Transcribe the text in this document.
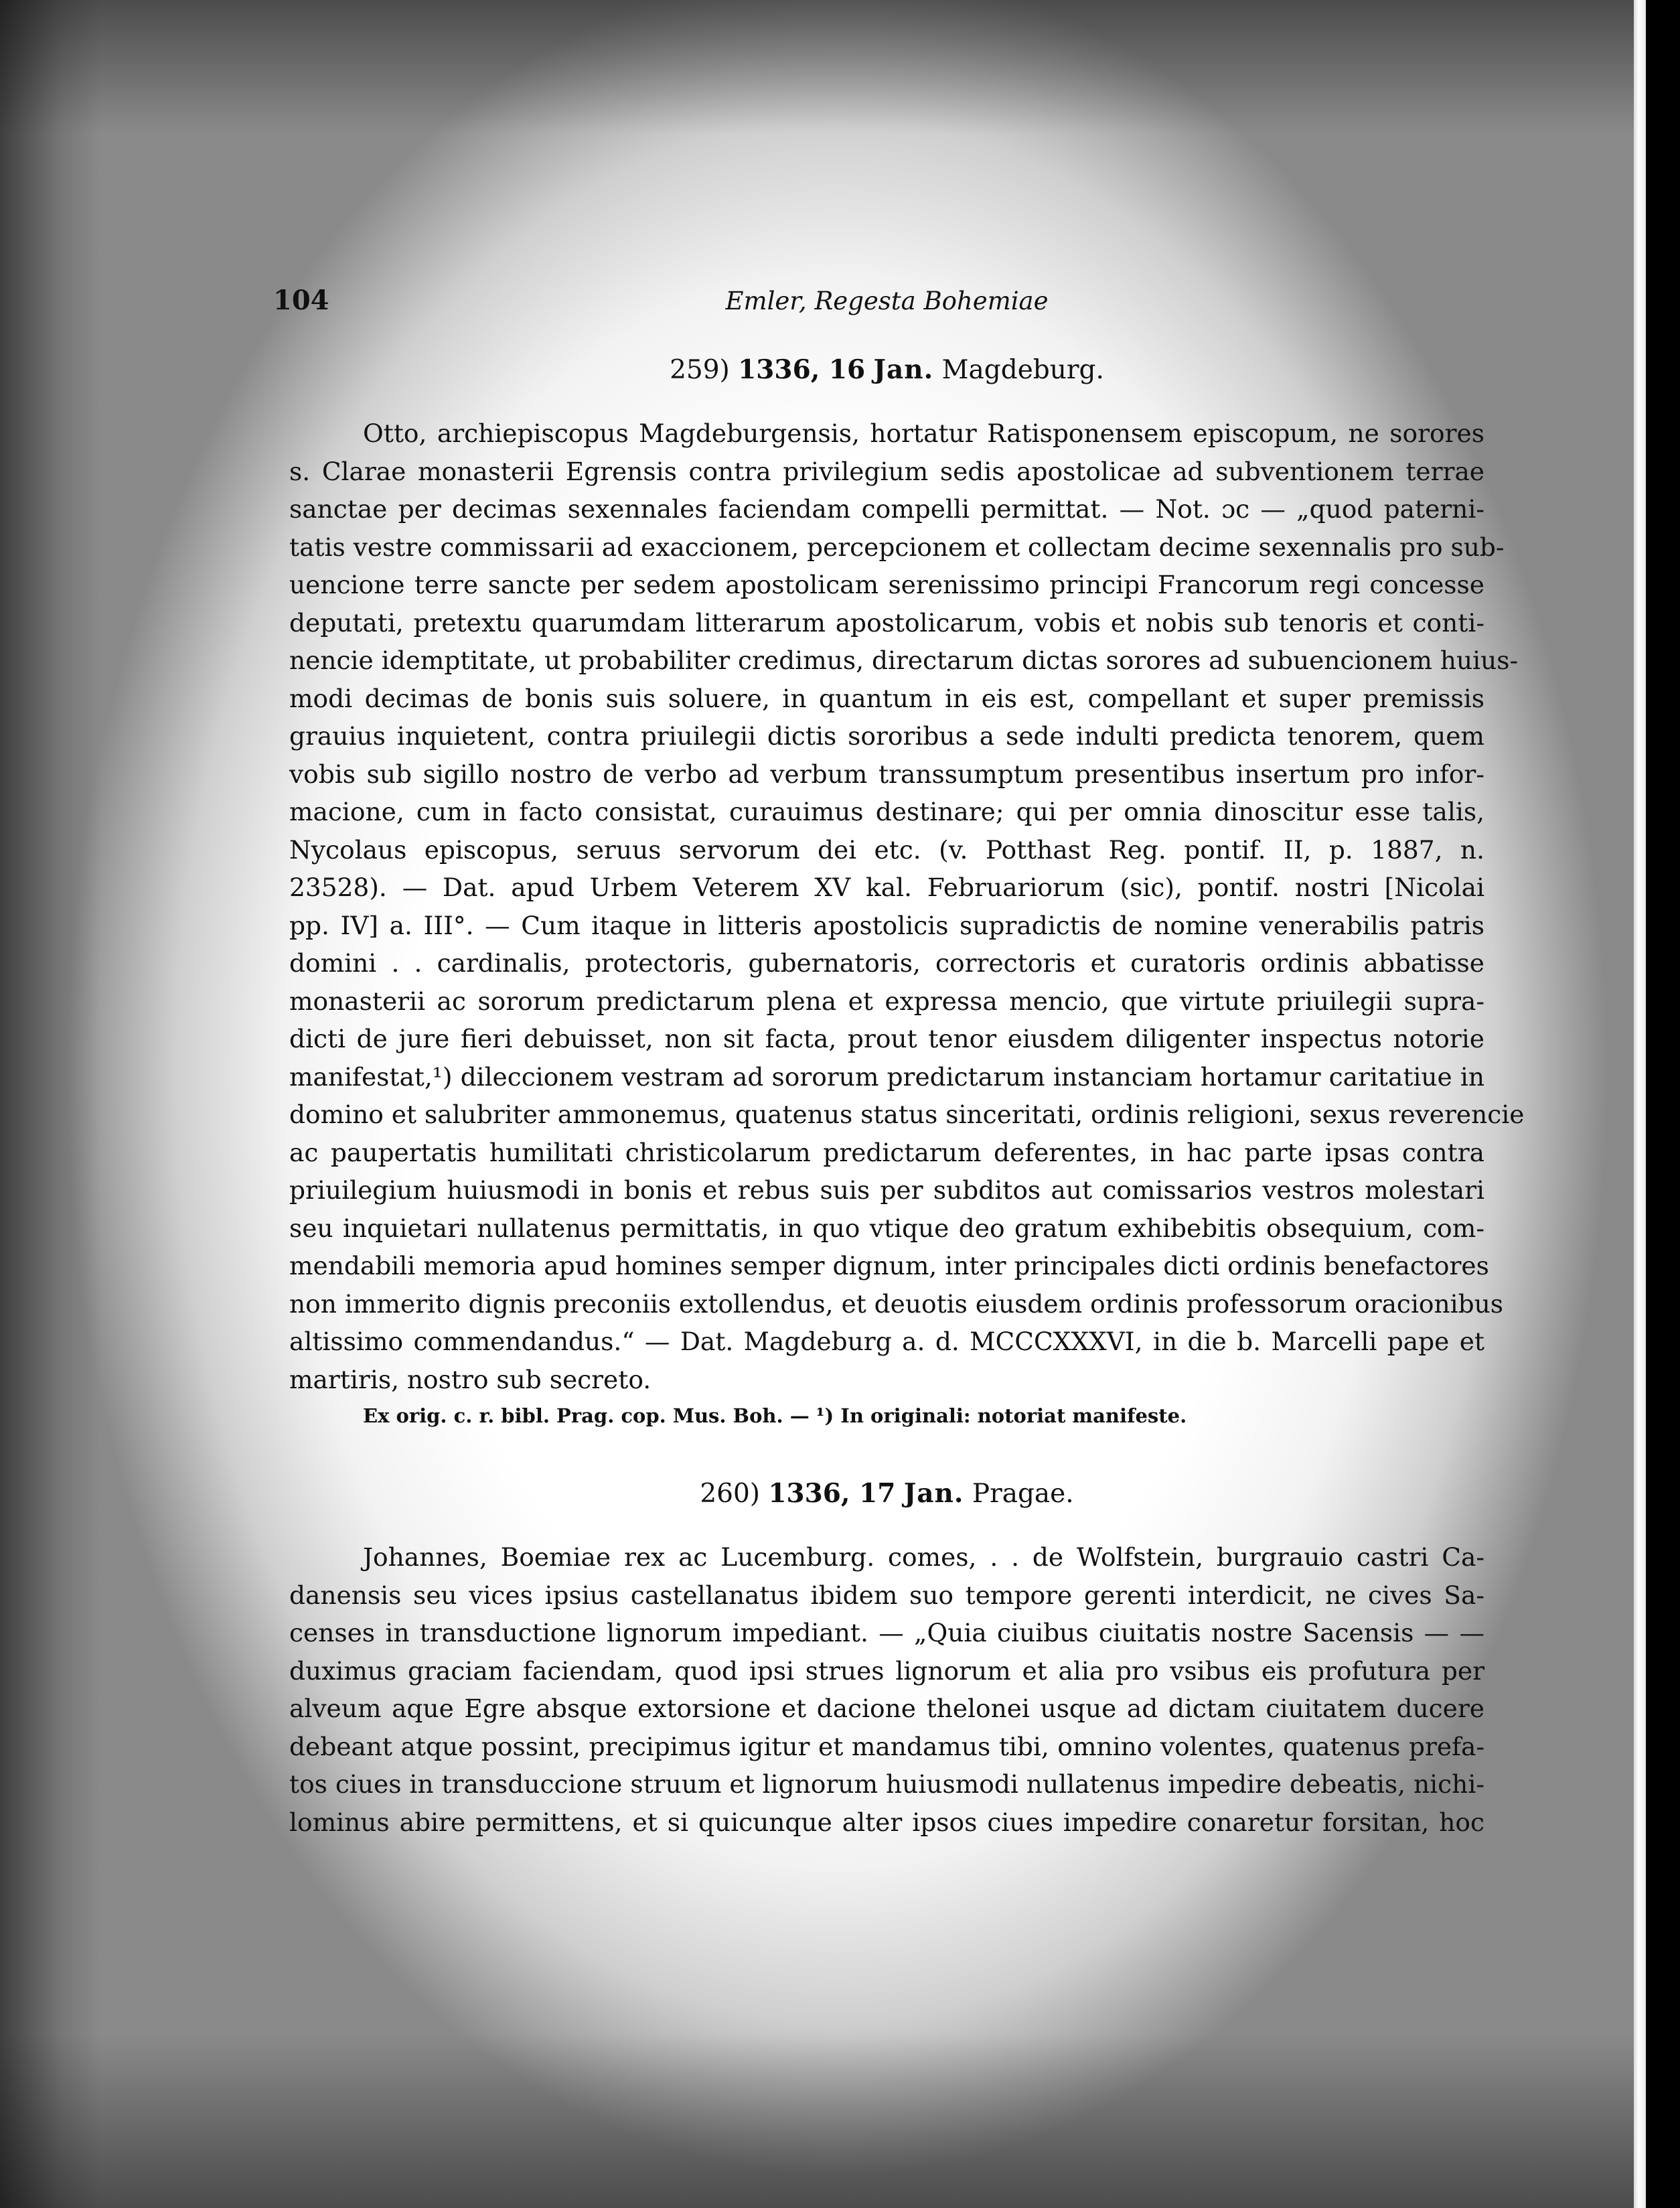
104	Emler, Regesta Bohemiae

259) 1336, 16 Jan. Magdeburg.

Otto, archiepiscopus Magdeburgensis, hortatur Ratisponensem episcopum, ne sorores
s. Clarae monasterii Egrensis contra privilegium sedis apostolicae ad subventionem terrae
sanctae per decimas sexennales faciendam compelli permittat. — Not. ɔc — „quod paterni-
tatis vestre commissarii ad exaccionem, percepcionem et collectam decime sexennalis pro sub-
uencione terre sancte per sedem apostolicam serenissimo principi Francorum regi concesse
deputati, pretextu quarumdam litterarum apostolicarum, vobis et nobis sub tenoris et conti-
nencie idemptitate, ut probabiliter credimus, directarum dictas sorores ad subuencionem huius-
modi decimas de bonis suis soluere, in quantum in eis est, compellant et super premissis
grauius inquietent, contra priuilegii dictis sororibus a sede indulti predicta tenorem, quem
vobis sub sigillo nostro de verbo ad verbum transsumptum presentibus insertum pro infor-
macione, cum in facto consistat, curauimus destinare; qui per omnia dinoscitur esse talis,
Nycolaus episcopus, seruus servorum dei etc. (v. Potthast Reg. pontif. II, p. 1887, n.
23528). — Dat. apud Urbem Veterem XV kal. Februariorum (sic), pontif. nostri [Nicolai
pp. IV] a. III°. — Cum itaque in litteris apostolicis supradictis de nomine venerabilis patris
domini . . cardinalis, protectoris, gubernatoris, correctoris et curatoris ordinis abbatisse
monasterii ac sororum predictarum plena et expressa mencio, que virtute priuilegii supra-
dicti de jure fieri debuisset, non sit facta, prout tenor eiusdem diligenter inspectus notorie
manifestat,¹) dileccionem vestram ad sororum predictarum instanciam hortamur caritatiue in
domino et salubriter ammonemus, quatenus status sinceritati, ordinis religioni, sexus reverencie
ac paupertatis humilitati christicolarum predictarum deferentes, in hac parte ipsas contra
priuilegium huiusmodi in bonis et rebus suis per subditos aut comissarios vestros molestari
seu inquietari nullatenus permittatis, in quo vtique deo gratum exhibebitis obsequium, com-
mendabili memoria apud homines semper dignum, inter principales dicti ordinis benefactores
non immerito dignis preconiis extollendus, et deuotis eiusdem ordinis professorum oracionibus
altissimo commendandus.“ — Dat. Magdeburg a. d. MCCCXXXVI, in die b. Marcelli pape et
martiris, nostro sub secreto.

Ex orig. c. r. bibl. Prag. cop. Mus. Boh. — ¹) In originali: notoriat manifeste.

260) 1336, 17 Jan. Pragae.

Johannes, Boemiae rex ac Lucemburg. comes, . . de Wolfstein, burgrauio castri Ca-
danensis seu vices ipsius castellanatus ibidem suo tempore gerenti interdicit, ne cives Sa-
censes in transductione lignorum impediant. — „Quia ciuibus ciuitatis nostre Sacensis — —
duximus graciam faciendam, quod ipsi strues lignorum et alia pro vsibus eis profutura per
alveum aque Egre absque extorsione et dacione thelonei usque ad dictam ciuitatem ducere
debeant atque possint, precipimus igitur et mandamus tibi, omnino volentes, quatenus prefa-
tos ciues in transduccione struum et lignorum huiusmodi nullatenus impedire debeatis, nichi-
lominus abire permittens, et si quicunque alter ipsos ciues impedire conaretur forsitan, hoc
